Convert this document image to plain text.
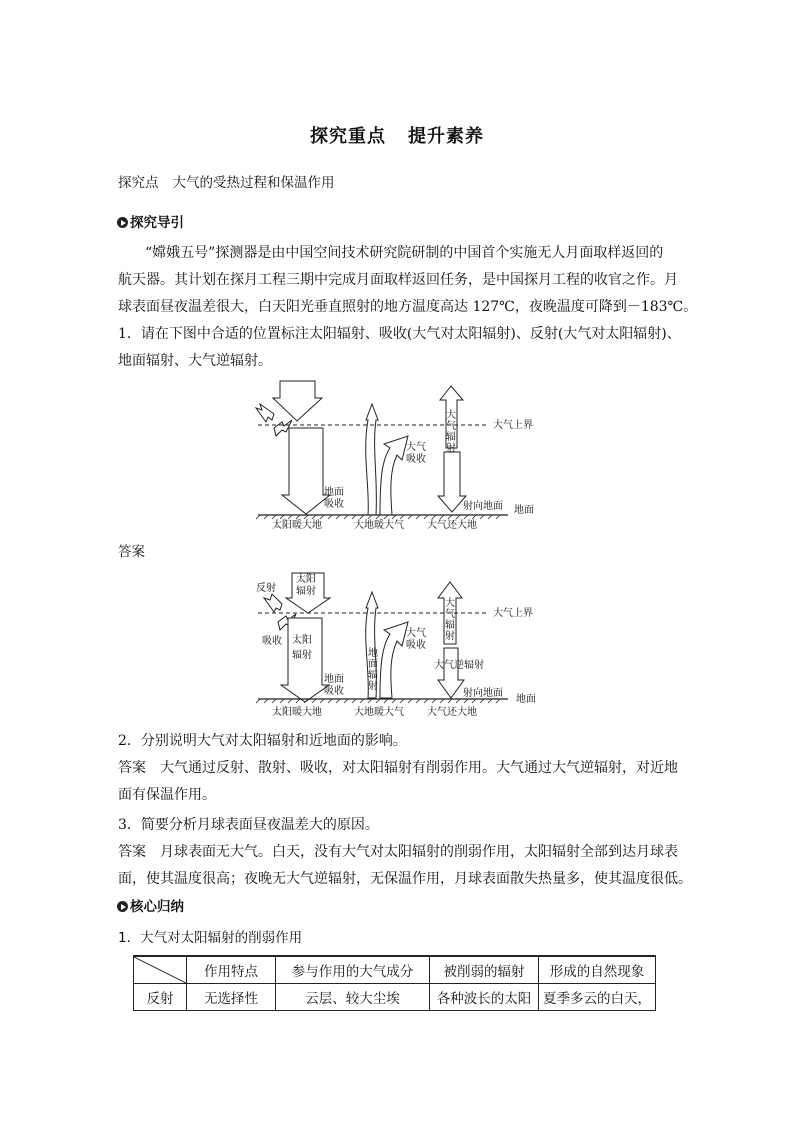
探究重点 提升素养
探究点 大气的受热过程和保温作用
探究导引
“嫦娥五号”探测器是由中国空间技术研究院研制的中国首个实施无人月面取样返回的
航天器。其计划在探月工程三期中完成月面取样返回任务，是中国探月工程的收官之作。月
球表面昼夜温差很大，白天阳光垂直照射的地方温度高达 127℃，夜晚温度可降到－183℃。
1．请在下图中合适的位置标注太阳辐射、吸收(大气对太阳辐射)、反射(大气对太阳辐射)、
地面辐射、大气逆辐射。
大气上界
地面
大气
吸收
地面
吸收
大
气
辐
射
射向地面
太阳暖大地	大地暖大气 大气还大地
答案
反射
吸收
太阳
辐射
太 阳
辐 射
大气上界
地面
大气
吸收
地面
吸收
地
面
辐
射
大
气
辐
射
大气逆辐射
射向地面
太阳暖大地	大地暖大气 大气还大地
2．分别说明大气对太阳辐射和近地面的影响。
答案 大气通过反射、散射、吸收，对太阳辐射有削弱作用。大气通过大气逆辐射，对近地
面有保温作用。
3．简要分析月球表面昼夜温差大的原因。
答案 月球表面无大气。白天，没有大气对太阳辐射的削弱作用，太阳辐射全部到达月球表
面，使其温度很高；夜晚无大气逆辐射，无保温作用，月球表面散失热量多，使其温度很低。
核心归纳
1．大气对太阳辐射的削弱作用
	作用特点	参与作用的大气成分	被削弱的辐射	形成的自然现象
反射	无选择性	云层、较大尘埃	各种波长的太阳	夏季多云的白天，
